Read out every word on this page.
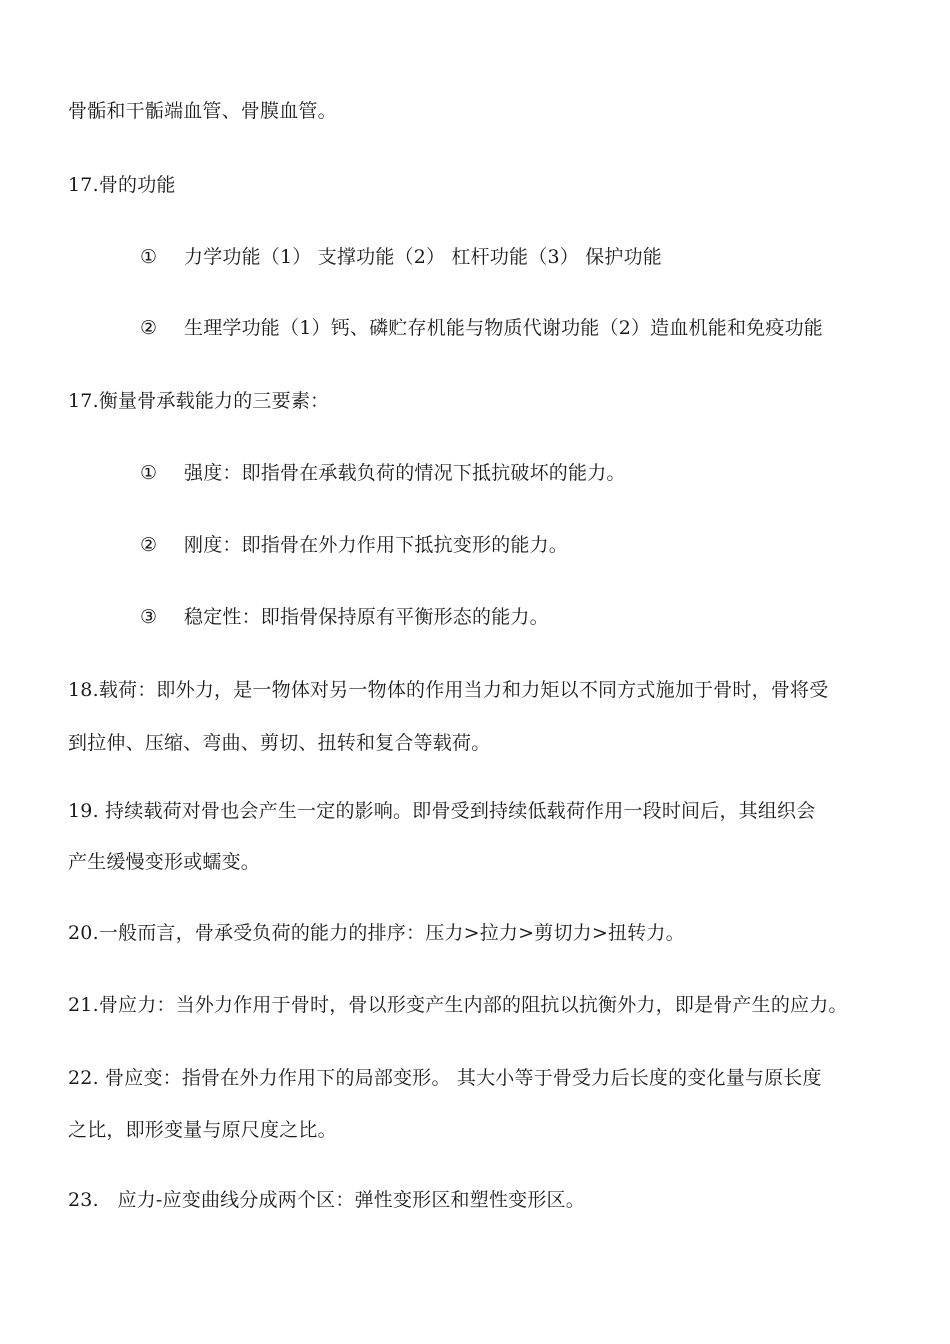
骨骺和干骺端血管、骨膜血管。
17.骨的功能
① 力学功能（1） 支撑功能（2） 杠杆功能（3） 保护功能
② 生理学功能（1）钙、磷贮存机能与物质代谢功能（2）造血机能和免疫功能
17.衡量骨承载能力的三要素：
① 强度：即指骨在承载负荷的情况下抵抗破坏的能力。
② 刚度：即指骨在外力作用下抵抗变形的能力。
③ 稳定性：即指骨保持原有平衡形态的能力。
18.载荷：即外力，是一物体对另一物体的作用当力和力矩以不同方式施加于骨时，骨将受
到拉伸、压缩、弯曲、剪切、扭转和复合等载荷。
19. 持续载荷对骨也会产生一定的影响。即骨受到持续低载荷作用一段时间后，其组织会
产生缓慢变形或蠕变。
20.一般而言，骨承受负荷的能力的排序：压力>拉力>剪切力>扭转力。
21.骨应力：当外力作用于骨时，骨以形变产生内部的阻抗以抗衡外力，即是骨产生的应力。
22. 骨应变：指骨在外力作用下的局部变形。 其大小等于骨受力后长度的变化量与原长度
之比，即形变量与原尺度之比。
23.   应力-应变曲线分成两个区：弹性变形区和塑性变形区。
